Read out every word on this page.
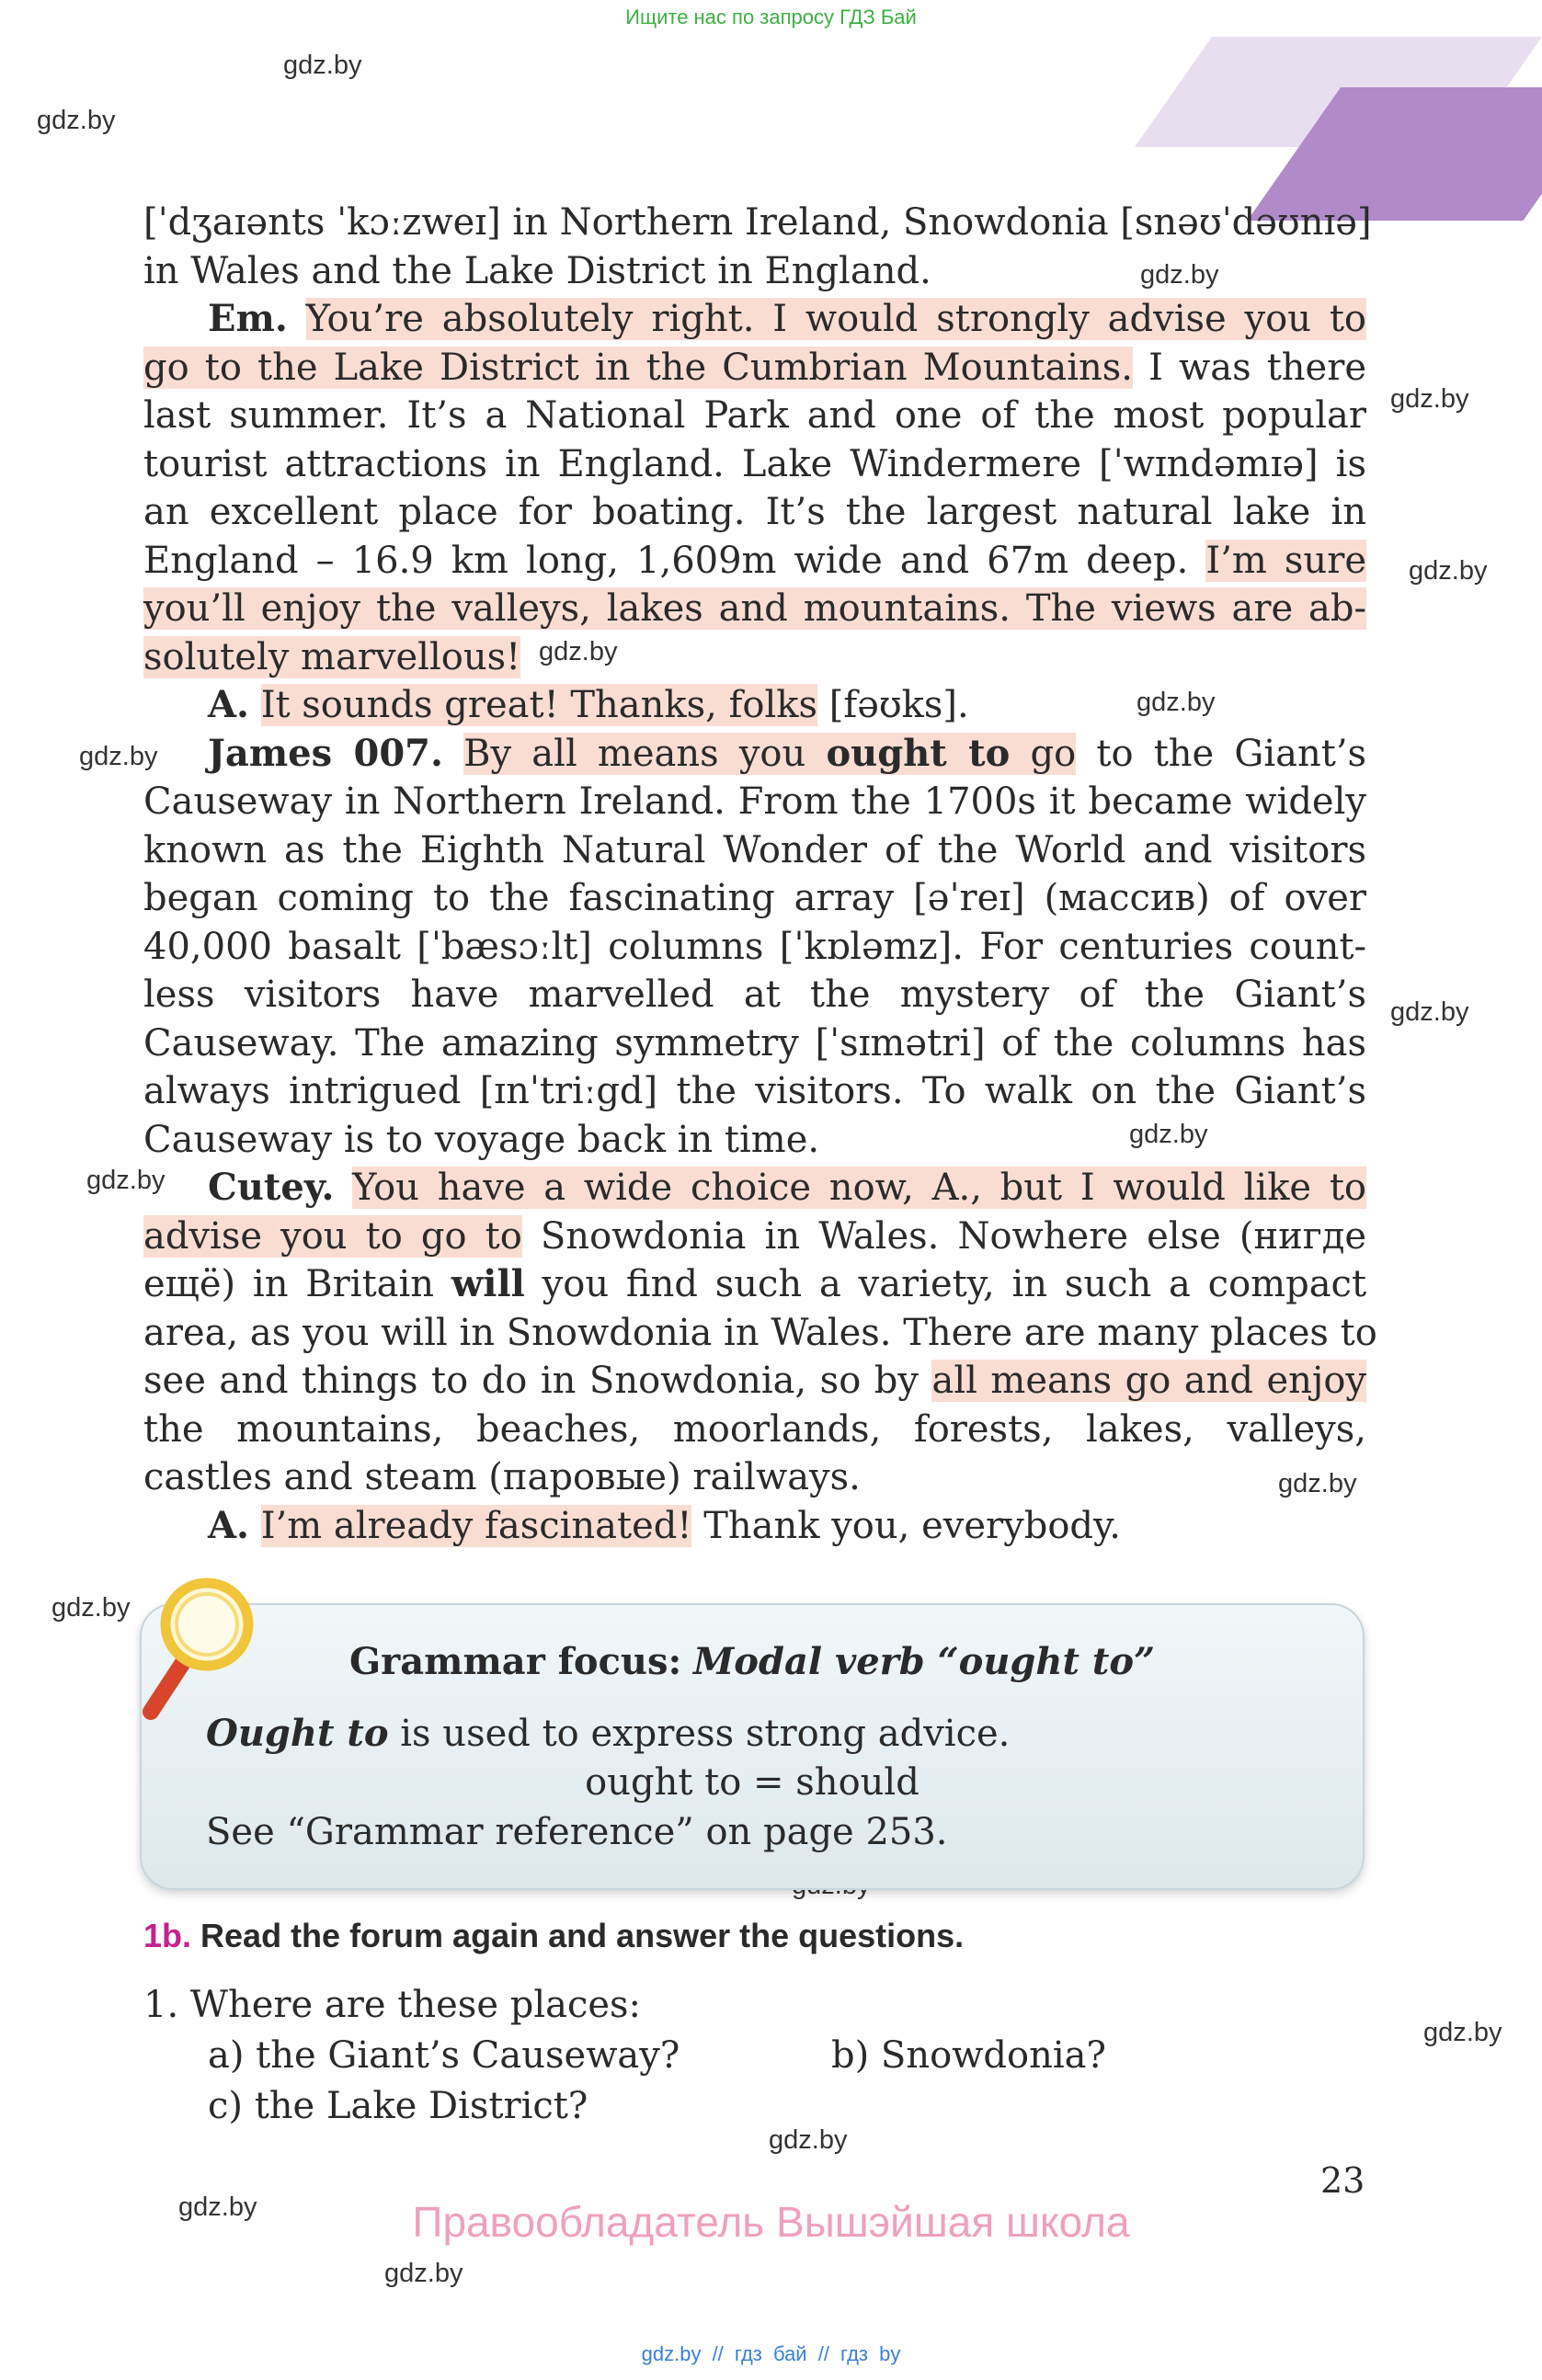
Ищите нас по запросу ГДЗ Бай
gdz.by
gdz.by
gdz.by
gdz.by
gdz.by
gdz.by
gdz.by
gdz.by
gdz.by
gdz.by
gdz.by
gdz.by
gdz.by
gdz.by
gdz.by
gdz.by
gdz.by
[ˈdʒaɪənts ˈkɔːzweɪ] in Northern Ireland, Snowdonia [snəʊˈdəʊnɪə]
in Wales and the Lake District in England.
Em. You’re absolutely right. I would strongly advise you to
go to the Lake District in the Cumbrian Mountains. I was there
last summer. It’s a National Park and one of the most popular
tourist attractions in England. Lake Windermere [ˈwɪndəmɪə] is
an excellent place for boating. It’s the largest natural lake in
England – 16.9 km long, 1,609m wide and 67m deep. I’m sure
you’ll enjoy the valleys, lakes and mountains. The views are ab-
solutely marvellous!
A. It sounds great! Thanks, folks [fəʊks].
James 007. By all means you ought to go to the Giant’s
Causeway in Northern Ireland. From the 1700s it became widely
known as the Eighth Natural Wonder of the World and visitors
began coming to the fascinating array [əˈreɪ] (массив) of over
40,000 basalt [ˈbæsɔːlt] columns [ˈkɒləmz]. For centuries count-
less visitors have marvelled at the mystery of the Giant’s
Causeway. The amazing symmetry [ˈsɪmətri] of the columns has
always intrigued [ɪnˈtriːgd] the visitors. To walk on the Giant’s
Causeway is to voyage back in time.
Cutey. You have a wide choice now, A., but I would like to
advise you to go to Snowdonia in Wales. Nowhere else (нигде
ещё) in Britain will you find such a variety, in such a compact
area, as you will in Snowdonia in Wales. There are many places to
see and things to do in Snowdonia, so by all means go and enjoy
the mountains, beaches, moorlands, forests, lakes, valleys,
castles and steam (паровые) railways.
A. I’m already fascinated! Thank you, everybody.
Grammar focus: Modal verb “ought to”
Ought to is used to express strong advice.
ought to = should
See “Grammar reference” on page 253.
1b. Read the forum again and answer the questions.
1. Where are these places:
a) the Giant’s Causeway?	b) Snowdonia?
c) the Lake District?
23
Правообладатель Вышэйшая школа
gdz.by // гдз бай // гдз by
